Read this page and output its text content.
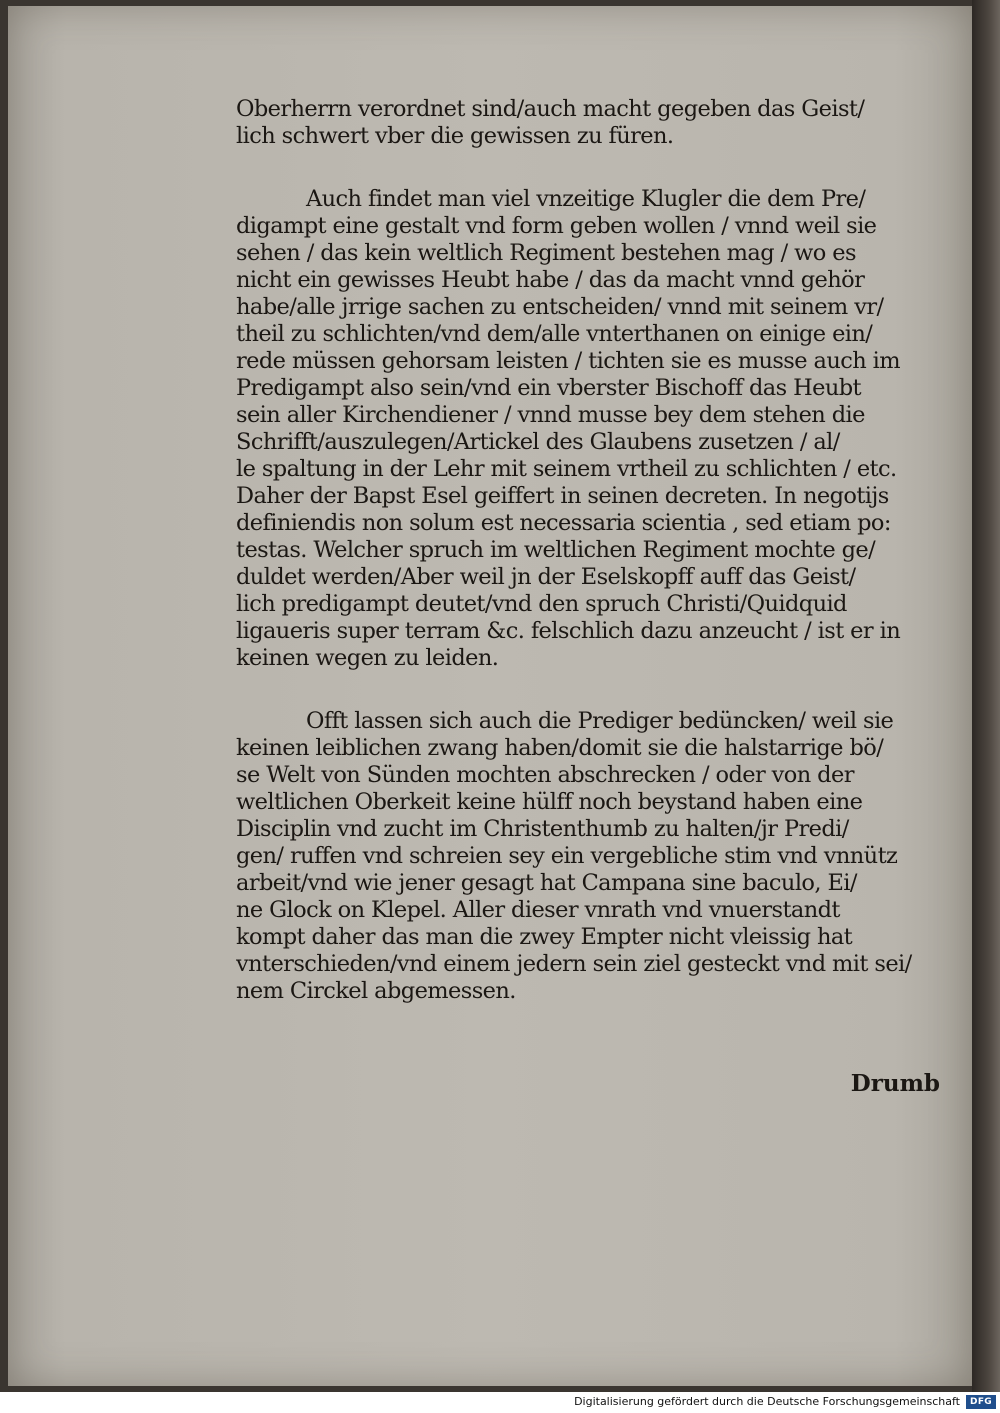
Oberherrn verordnet sind/auch macht gegeben das Geist/
lich schwert vber die gewissen zu füren.
Auch findet man viel vnzeitige Klugler die dem Pre/
digampt eine gestalt vnd form geben wollen / vnnd weil sie
sehen / das kein weltlich Regiment bestehen mag / wo es
nicht ein gewisses Heubt habe / das da macht vnnd gehör
habe/alle jrrige sachen zu entscheiden/ vnnd mit seinem vr/
theil zu schlichten/vnd dem/alle vnterthanen on einige ein/
rede müssen gehorsam leisten / tichten sie es musse auch im
Predigampt also sein/vnd ein vberster Bischoff das Heubt
sein aller Kirchendiener / vnnd musse bey dem stehen die
Schrifft/auszulegen/Artickel des Glaubens zusetzen / al/
le spaltung in der Lehr mit seinem vrtheil zu schlichten / etc.
Daher der Bapst Esel geiffert in seinen decreten. In negotijs
definiendis non solum est necessaria scientia , sed etiam po:
testas. Welcher spruch im weltlichen Regiment mochte ge/
duldet werden/Aber weil jn der Eselskopff auff das Geist/
lich predigampt deutet/vnd den spruch Christi/Quidquid
ligaueris super terram &c. felschlich dazu anzeucht / ist er in
keinen wegen zu leiden.
Offt lassen sich auch die Prediger bedüncken/ weil sie
keinen leiblichen zwang haben/domit sie die halstarrige bö/
se Welt von Sünden mochten abschrecken / oder von der
weltlichen Oberkeit keine hülff noch beystand haben eine
Disciplin vnd zucht im Christenthumb zu halten/jr Predi/
gen/ ruffen vnd schreien sey ein vergebliche stim vnd vnnütz
arbeit/vnd wie jener gesagt hat Campana sine baculo, Ei/
ne Glock on Klepel. Aller dieser vnrath vnd vnuerstandt
kompt daher das man die zwey Empter nicht vleissig hat
vnterschieden/vnd einem jedern sein ziel gesteckt vnd mit sei/
nem Circkel abgemessen.
Drumb
Digitalisierung gefördert durch die Deutsche Forschungsgemeinschaft	DFG
